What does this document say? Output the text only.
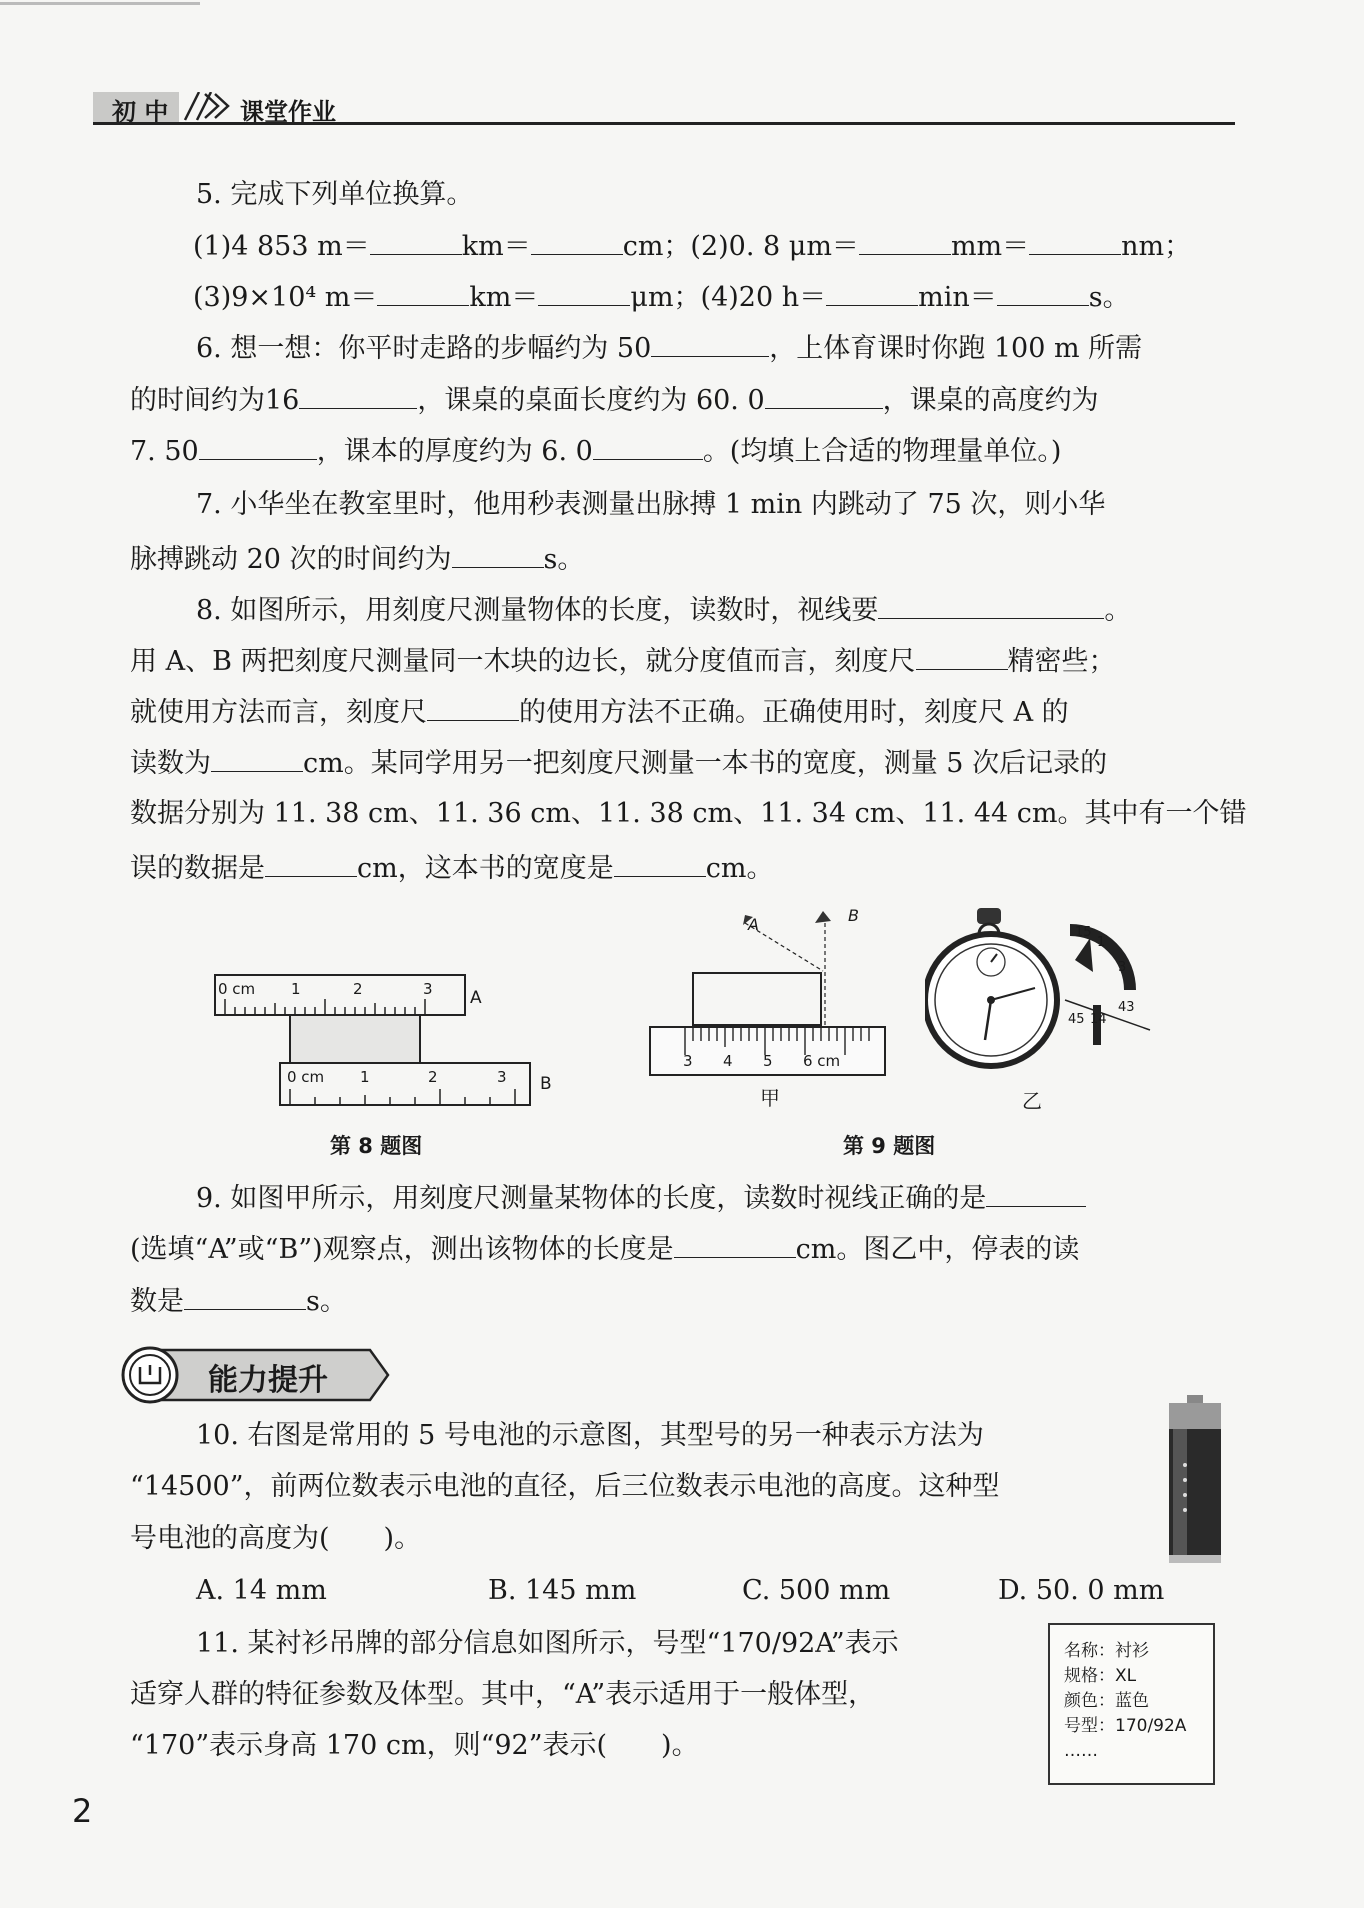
初 中	课堂作业
5. 完成下列单位换算。
(1)4 853 m＝	km＝	cm；(2)0. 8 μm＝	mm＝	nm；
(3)9×10⁴ m＝	km＝	μm；(4)20 h＝	min＝	s。
6. 想一想：你平时走路的步幅约为 50	，上体育课时你跑 100 m 所需
的时间约为16	，课桌的桌面长度约为 60. 0	，课桌的高度约为
7. 50	，课本的厚度约为 6. 0	。(均填上合适的物理量单位。)
7. 小华坐在教室里时，他用秒表测量出脉搏 1 min 内跳动了 75 次，则小华
脉搏跳动 20 次的时间约为	s。
8. 如图所示，用刻度尺测量物体的长度，读数时，视线要	。
用 A、B 两把刻度尺测量同一木块的边长，就分度值而言，刻度尺	精密些；
就使用方法而言，刻度尺	的使用方法不正确。正确使用时，刻度尺 A 的
读数为	cm。某同学用另一把刻度尺测量一本书的宽度，测量 5 次后记录的
数据分别为 11. 38 cm、11. 36 cm、11. 38 cm、11. 34 cm、11. 44 cm。其中有一个错
误的数据是	cm，这本书的宽度是	cm。
0 cm 1	2	3 A
0 cm 1	2	3 B
第 8 题图
A	B
3 4 5 6 cm
甲
15
1
3
45 14
43
乙
第 9 题图
9. 如图甲所示，用刻度尺测量某物体的长度，读数时视线正确的是
(选填“A”或“B”)观察点，测出该物体的长度是	cm。图乙中，停表的读
数是	s。
能力提升
10. 右图是常用的 5 号电池的示意图，其型号的另一种表示方法为
“14500”，前两位数表示电池的直径，后三位数表示电池的高度。这种型
号电池的高度为(　　)。
A. 14 mm	B. 145 mm	C. 500 mm	D. 50. 0 mm
11. 某衬衫吊牌的部分信息如图所示，号型“170/92A”表示
适穿人群的特征参数及体型。其中，“A”表示适用于一般体型，
“170”表示身高 170 cm，则“92”表示(　　)。
名称：衬衫
规格：XL
颜色：蓝色
号型：170/92A
……
2
